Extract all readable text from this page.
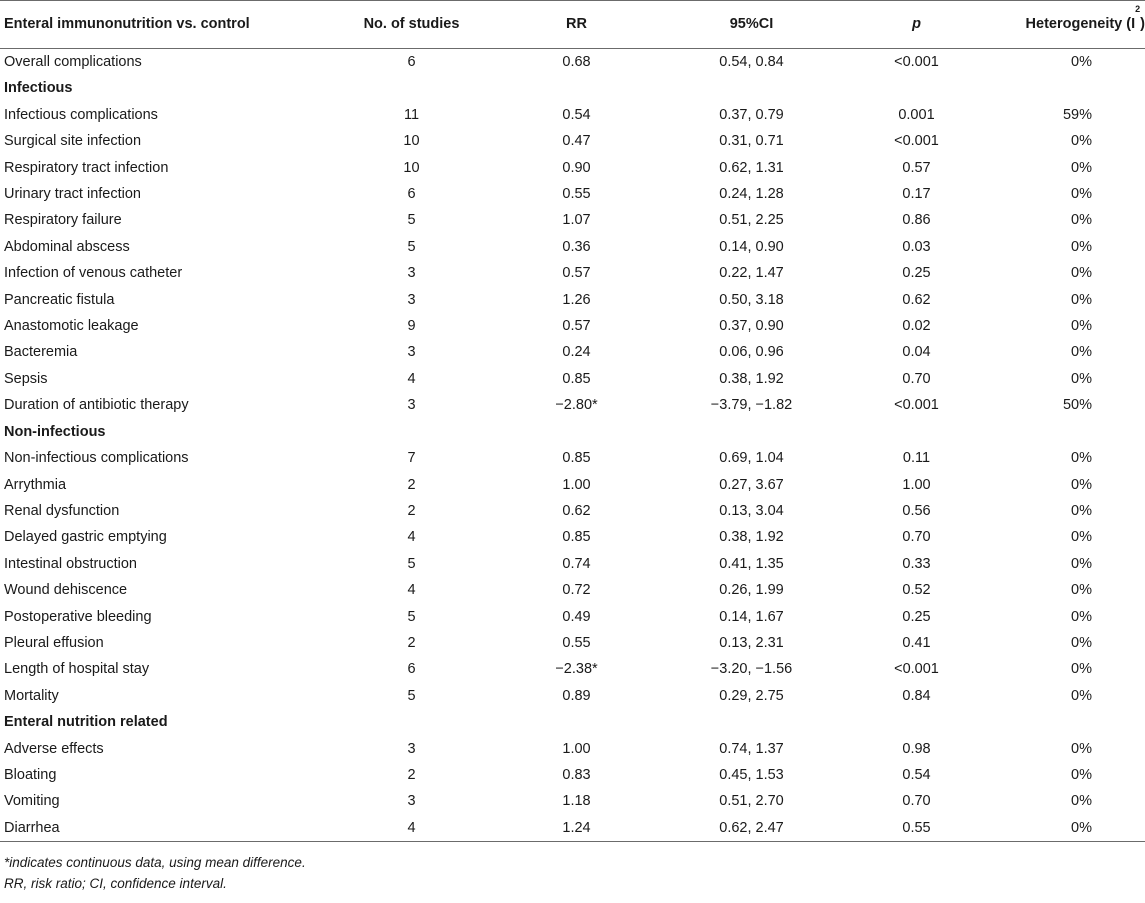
Enteral immunonutrition vs. control	No. of studies	RR	95%CI	p	Heterogeneity $(I^2)$
Overall complications	6	0.68	0.54, 0.84	<0.001	0%
Infectious					
Infectious complications	11	0.54	0.37, 0.79	0.001	59%
Surgical site infection	10	0.47	0.31, 0.71	<0.001	0%
Respiratory tract infection	10	0.90	0.62, 1.31	0.57	0%
Urinary tract infection	6	0.55	0.24, 1.28	0.17	0%
Respiratory failure	5	1.07	0.51, 2.25	0.86	0%
Abdominal abscess	5	0.36	0.14, 0.90	0.03	0%
Infection of venous catheter	3	0.57	0.22, 1.47	0.25	0%
Pancreatic fistula	3	1.26	0.50, 3.18	0.62	0%
Anastomotic leakage	9	0.57	0.37, 0.90	0.02	0%
Bacteremia	3	0.24	0.06, 0.96	0.04	0%
Sepsis	4	0.85	0.38, 1.92	0.70	0%
Duration of antibiotic therapy	3	−2.80*	−3.79, −1.82	<0.001	50%
Non-infectious					
Non-infectious complications	7	0.85	0.69, 1.04	0.11	0%
Arrythmia	2	1.00	0.27, 3.67	1.00	0%
Renal dysfunction	2	0.62	0.13, 3.04	0.56	0%
Delayed gastric emptying	4	0.85	0.38, 1.92	0.70	0%
Intestinal obstruction	5	0.74	0.41, 1.35	0.33	0%
Wound dehiscence	4	0.72	0.26, 1.99	0.52	0%
Postoperative bleeding	5	0.49	0.14, 1.67	0.25	0%
Pleural effusion	2	0.55	0.13, 2.31	0.41	0%
Length of hospital stay	6	−2.38*	−3.20, −1.56	<0.001	0%
Mortality	5	0.89	0.29, 2.75	0.84	0%
Enteral nutrition related					
Adverse effects	3	1.00	0.74, 1.37	0.98	0%
Bloating	2	0.83	0.45, 1.53	0.54	0%
Vomiting	3	1.18	0.51, 2.70	0.70	0%
Diarrhea	4	1.24	0.62, 2.47	0.55	0%
*indicates continuous data, using mean difference.
RR, risk ratio; CI, confidence interval.
